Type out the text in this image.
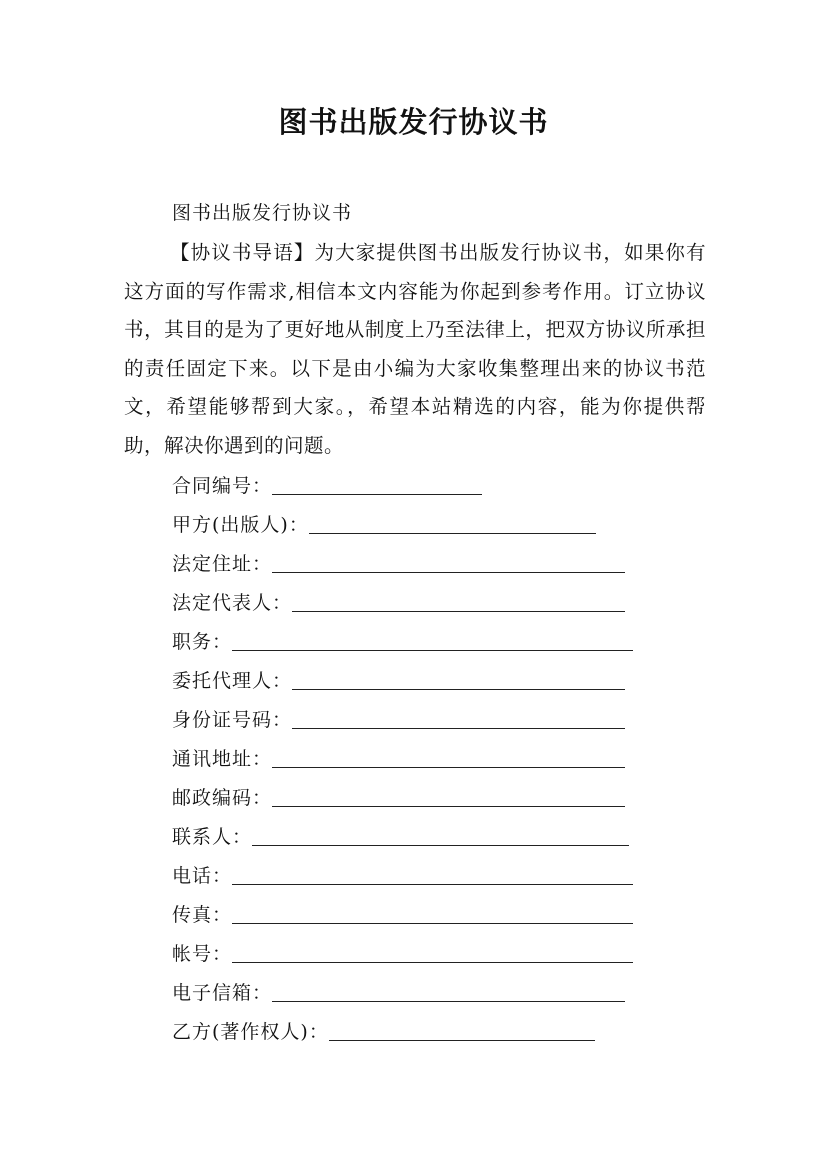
图书出版发行协议书
图书出版发行协议书

【协议书导语】为大家提供图书出版发行协议书，如果你有这方面的写作需求,相信本文内容能为你起到参考作用。订立协议书，其目的是为了更好地从制度上乃至法律上，把双方协议所承担的责任固定下来。以下是由小编为大家收集整理出来的协议书范文，希望能够帮到大家。，希望本站精选的内容，能为你提供帮助，解决你遇到的问题。

合同编号：
甲方(出版人)：
法定住址：
法定代表人：
职务：
委托代理人：
身份证号码：
通讯地址：
邮政编码：
联系人：
电话：
传真：
帐号：
电子信箱：
乙方(著作权人)：
